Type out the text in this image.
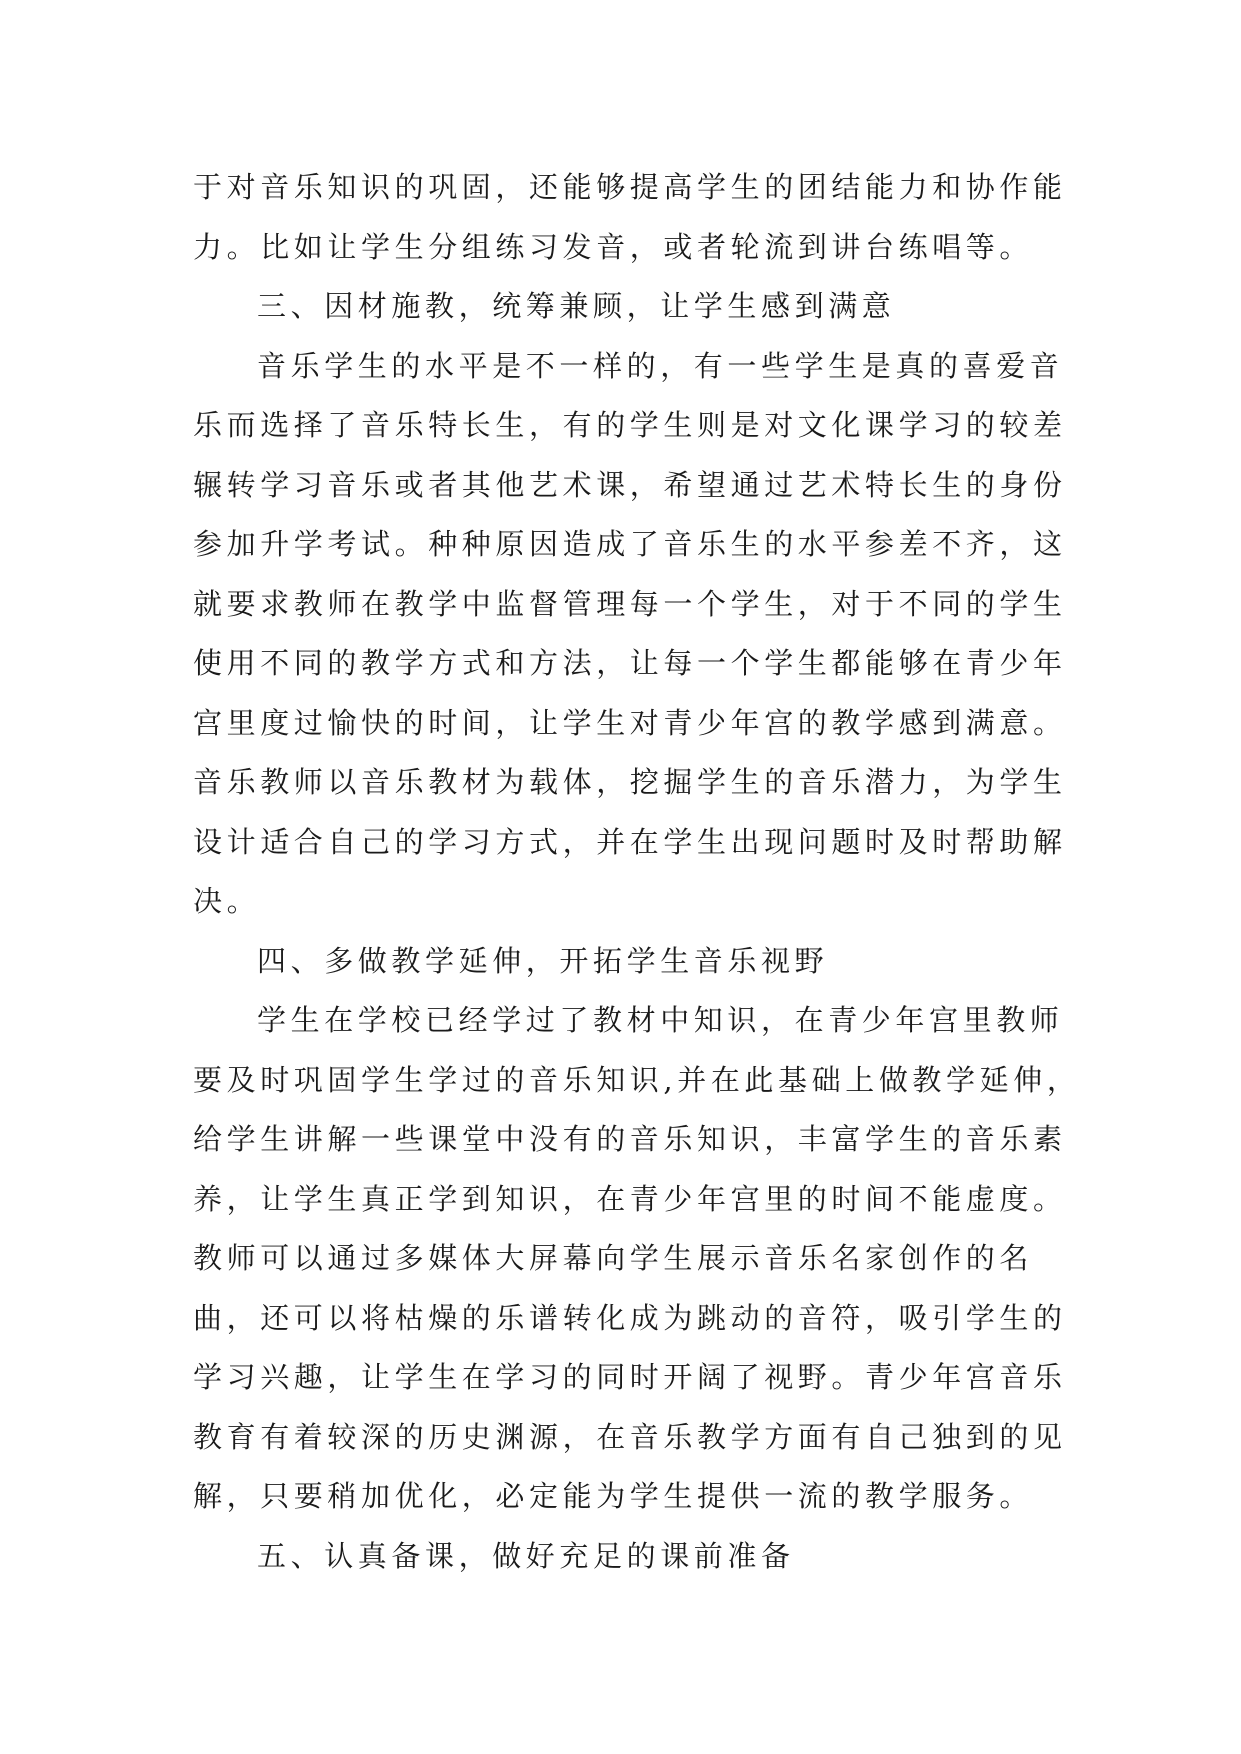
于对音乐知识的巩固，还能够提高学生的团结能力和协作能
力。比如让学生分组练习发音，或者轮流到讲台练唱等。
三、因材施教，统筹兼顾，让学生感到满意
音乐学生的水平是不一样的，有一些学生是真的喜爱音
乐而选择了音乐特长生，有的学生则是对文化课学习的较差
辗转学习音乐或者其他艺术课，希望通过艺术特长生的身份
参加升学考试。种种原因造成了音乐生的水平参差不齐，这
就要求教师在教学中监督管理每一个学生，对于不同的学生
使用不同的教学方式和方法，让每一个学生都能够在青少年
宫里度过愉快的时间，让学生对青少年宫的教学感到满意。
音乐教师以音乐教材为载体，挖掘学生的音乐潜力，为学生
设计适合自己的学习方式，并在学生出现问题时及时帮助解
决。
四、多做教学延伸，开拓学生音乐视野
学生在学校已经学过了教材中知识，在青少年宫里教师
要及时巩固学生学过的音乐知识,并在此基础上做教学延伸，
给学生讲解一些课堂中没有的音乐知识，丰富学生的音乐素
养，让学生真正学到知识，在青少年宫里的时间不能虚度。
教师可以通过多媒体大屏幕向学生展示音乐名家创作的名
曲，还可以将枯燥的乐谱转化成为跳动的音符，吸引学生的
学习兴趣，让学生在学习的同时开阔了视野。青少年宫音乐
教育有着较深的历史渊源，在音乐教学方面有自己独到的见
解，只要稍加优化，必定能为学生提供一流的教学服务。
五、认真备课，做好充足的课前准备
